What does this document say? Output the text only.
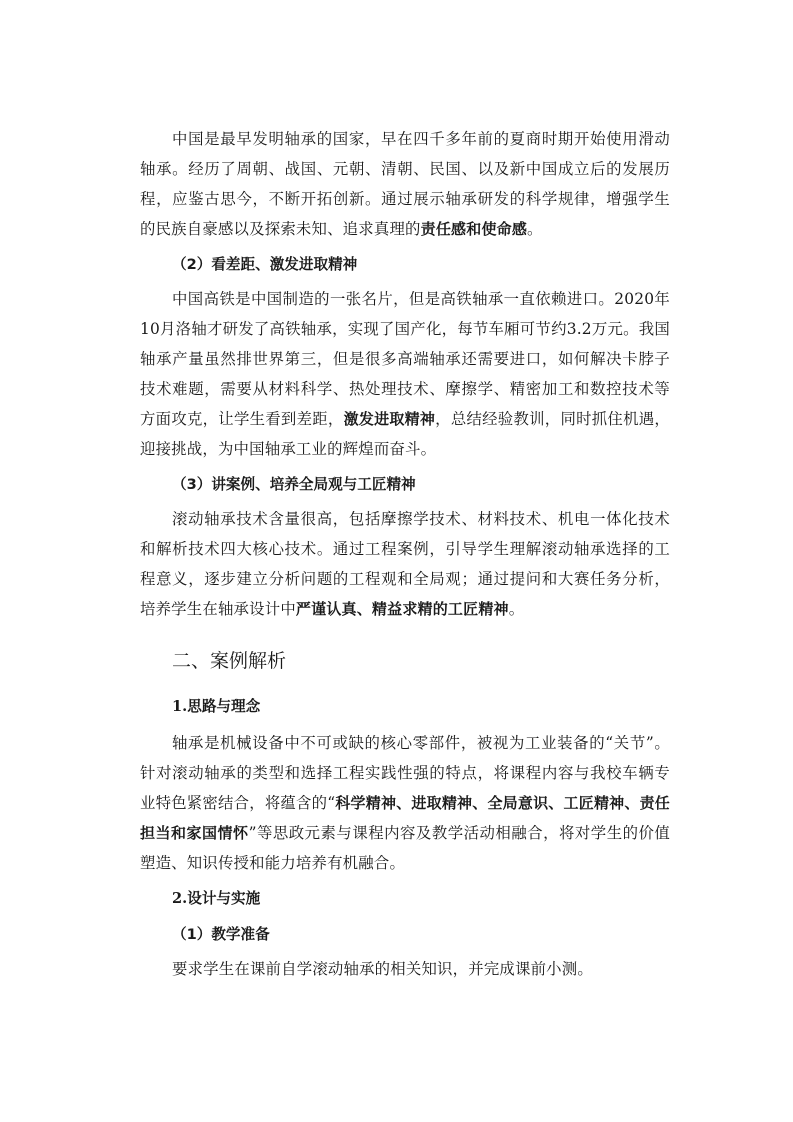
中国是最早发明轴承的国家，早在四千多年前的夏商时期开始使用滑动轴承。经历了周朝、战国、元朝、清朝、民国、以及新中国成立后的发展历程，应鉴古思今，不断开拓创新。通过展示轴承研发的科学规律，增强学生的民族自豪感以及探索未知、追求真理的责任感和使命感。

（2）看差距、激发进取精神

中国高铁是中国制造的一张名片，但是高铁轴承一直依赖进口。2020年10月洛轴才研发了高铁轴承，实现了国产化，每节车厢可节约3.2万元。我国轴承产量虽然排世界第三，但是很多高端轴承还需要进口，如何解决卡脖子技术难题，需要从材料科学、热处理技术、摩擦学、精密加工和数控技术等方面攻克，让学生看到差距，激发进取精神，总结经验教训，同时抓住机遇，迎接挑战，为中国轴承工业的辉煌而奋斗。

（3）讲案例、培养全局观与工匠精神

滚动轴承技术含量很高，包括摩擦学技术、材料技术、机电一体化技术和解析技术四大核心技术。通过工程案例，引导学生理解滚动轴承选择的工程意义，逐步建立分析问题的工程观和全局观；通过提问和大赛任务分析，培养学生在轴承设计中严谨认真、精益求精的工匠精神。

二、案例解析
1.思路与理念

轴承是机械设备中不可或缺的核心零部件，被视为工业装备的“关节”。针对滚动轴承的类型和选择工程实践性强的特点，将课程内容与我校车辆专业特色紧密结合，将蕴含的“科学精神、进取精神、全局意识、工匠精神、责任担当和家国情怀”等思政元素与课程内容及教学活动相融合，将对学生的价值塑造、知识传授和能力培养有机融合。

2.设计与实施
（1）教学准备

要求学生在课前自学滚动轴承的相关知识，并完成课前小测。
